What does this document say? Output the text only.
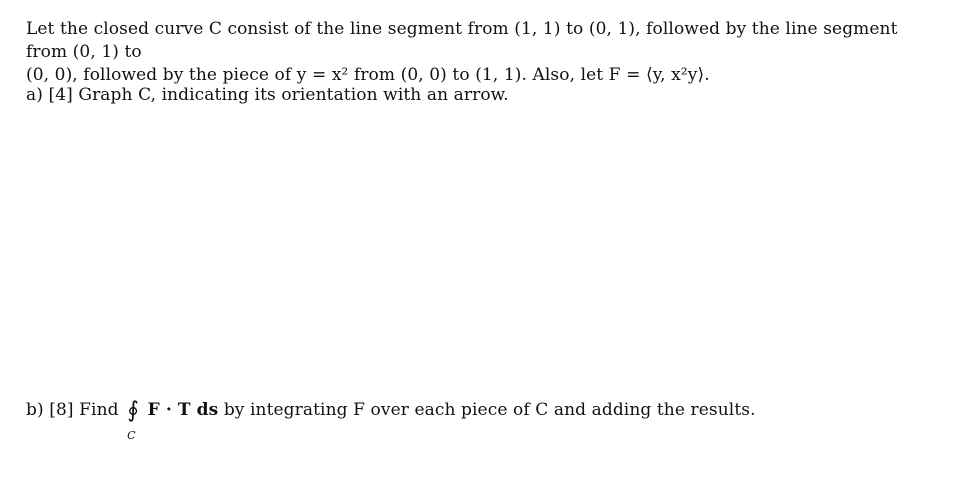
Let the closed curve C consist of the line segment from (1, 1) to (0, 1), followed by the line segment from (0, 1) to
(0, 0), followed by the piece of y = x² from (0, 0) to (1, 1). Also, let F = ⟨y, x²y⟩.
a) [4] Graph C, indicating its orientation with an arrow.
b) [8] Find ∮
C
F · T ds by integrating F over each piece of C and adding the results.
